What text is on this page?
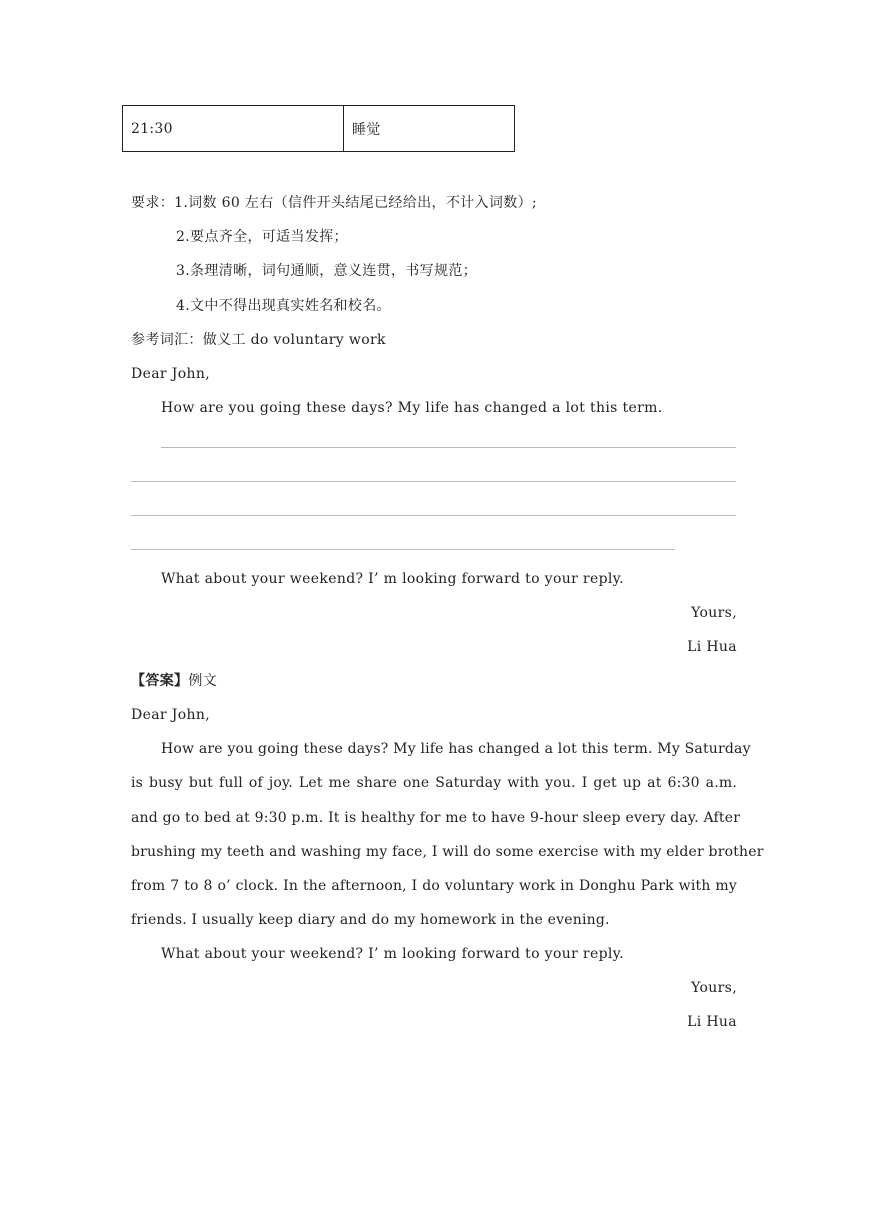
21:30	睡觉
要求：1.词数 60 左右（信件开头结尾已经给出，不计入词数）;
2.要点齐全，可适当发挥；
3.条理清晰，词句通顺，意义连贯，书写规范；
4.文中不得出现真实姓名和校名。
参考词汇：做义工 do voluntary work
Dear John,
How are you going these days? My life has changed a lot this term.
What about your weekend? I’ m looking forward to your reply.
Yours,
Li Hua
【答案】例文
Dear John,
How are you going these days? My life has changed a lot this term. My Saturday
is busy but full of joy. Let me share one Saturday with you. I get up at 6:30 a.m.
and go to bed at 9:30 p.m. It is healthy for me to have 9-hour sleep every day. After
brushing my teeth and washing my face, I will do some exercise with my elder brother
from 7 to 8 o’ clock. In the afternoon, I do voluntary work in Donghu Park with my
friends. I usually keep diary and do my homework in the evening.
What about your weekend? I’ m looking forward to your reply.
Yours,
Li Hua
